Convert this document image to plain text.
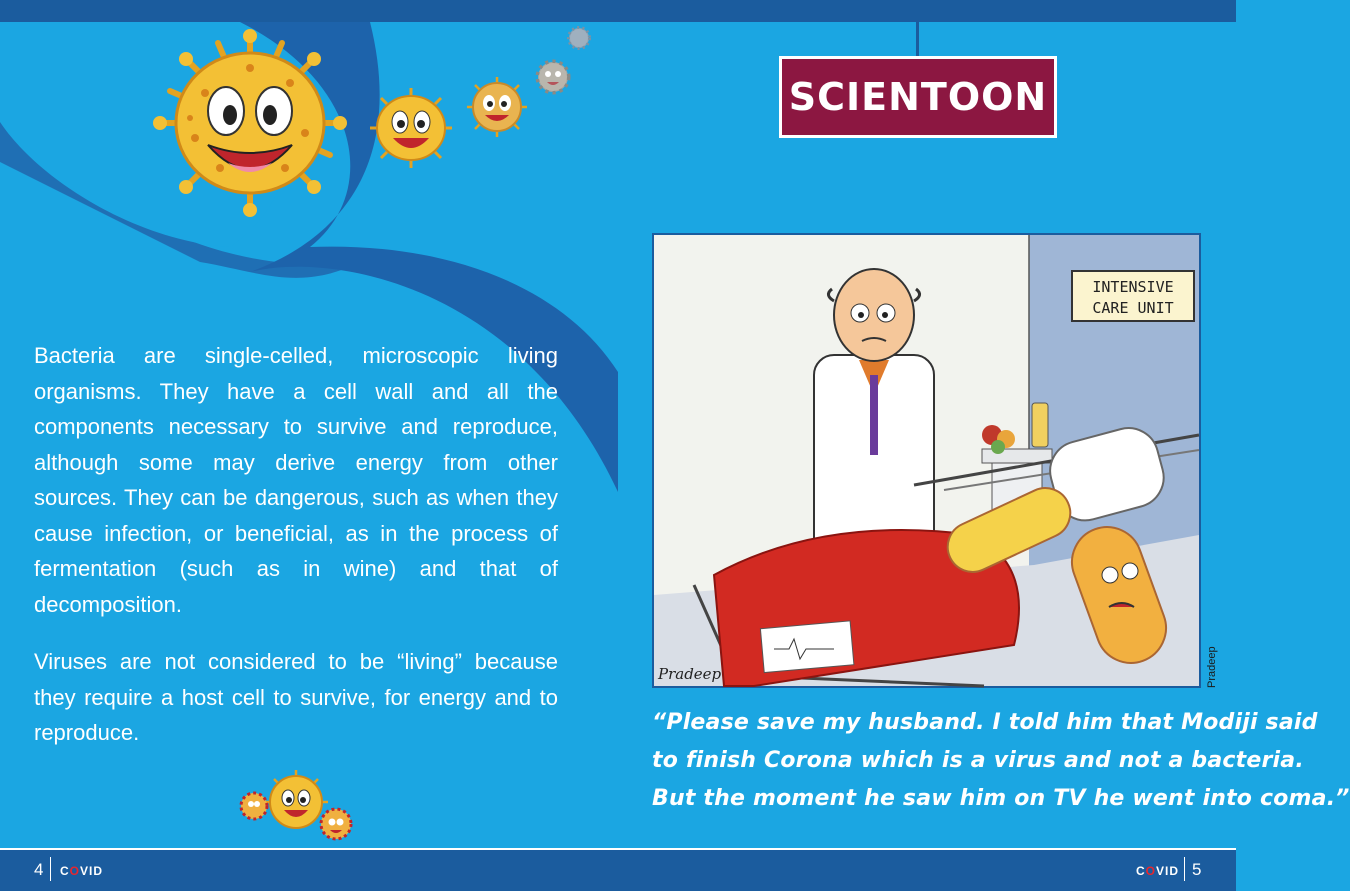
SCIENTOON

Bacteria are single-celled, microscopic living organisms. They have a cell wall and all the components necessary to survive and reproduce, although some may derive energy from other sources. They can be dangerous, such as when they cause infection, or beneficial, as in the process of fermentation (such as in wine) and that of decomposition.

Viruses are not considered to be “living” because they require a host cell to survive, for energy and to reproduce.

INTENSIVE
CARE UNIT
Pradeep	Pradeep
“Please save my husband. I told him that Modiji said
to finish Corona which is a virus and not a bacteria.
But the moment he saw him on TV he went into coma.”
4 COVID	COVID 5
